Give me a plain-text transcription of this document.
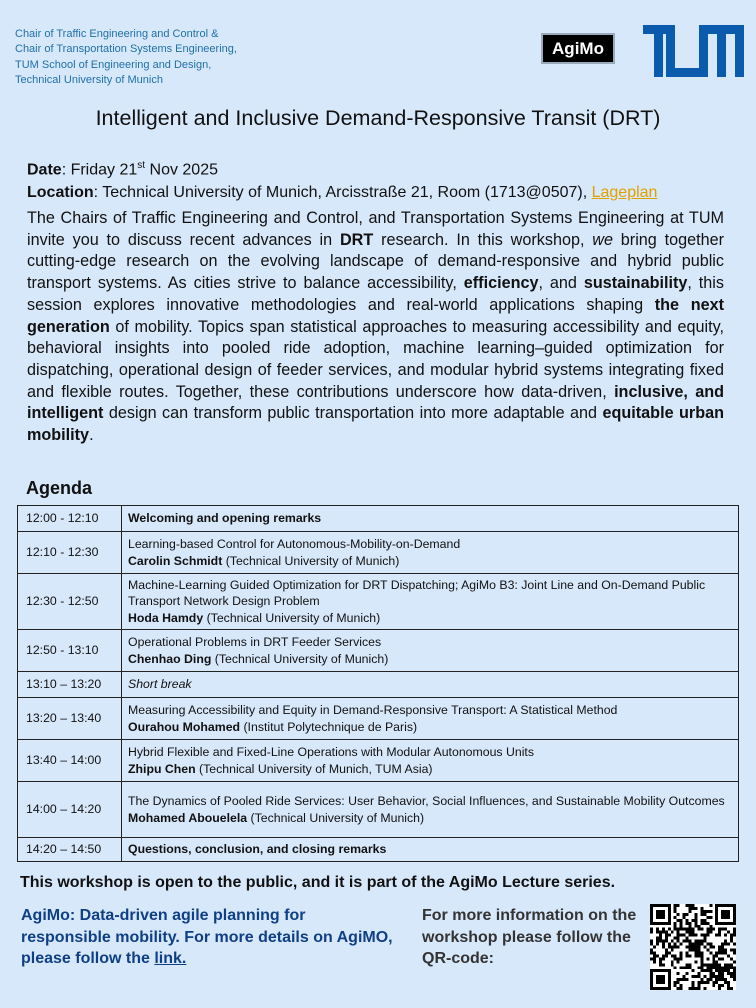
Chair of Traffic Engineering and Control &
Chair of Transportation Systems Engineering,
TUM School of Engineering and Design,
Technical University of Munich
AgiMo
Intelligent and Inclusive Demand-Responsive Transit (DRT)
Date: Friday 21st Nov 2025
Location: Technical University of Munich, Arcisstraße 21, Room (1713@0507), Lageplan
The Chairs of Traffic Engineering and Control, and Transportation Systems Engineering at TUM invite you to discuss recent advances in DRT research. In this workshop, we bring together cutting-edge research on the evolving landscape of demand-responsive and hybrid public transport systems. As cities strive to balance accessibility, efficiency, and sustainability, this session explores innovative methodologies and real-world applications shaping the next generation of mobility. Topics span statistical approaches to measuring accessibility and equity, behavioral insights into pooled ride adoption, machine learning–guided optimization for dispatching, operational design of feeder services, and modular hybrid systems integrating fixed and flexible routes. Together, these contributions underscore how data-driven, inclusive, and intelligent design can transform public transportation into more adaptable and equitable urban mobility.
Agenda
12:00 - 12:10	Welcoming and opening remarks
12:10 - 12:30	Learning-based Control for Autonomous-Mobility-on-Demand
Carolin Schmidt (Technical University of Munich)

12:30 - 12:50	Machine-Learning Guided Optimization for DRT Dispatching; AgiMo B3: Joint Line and On-Demand Public Transport Network Design Problem
Hoda Hamdy (Technical University of Munich)

12:50 - 13:10	Operational Problems in DRT Feeder Services
Chenhao Ding (Technical University of Munich)

13:10 – 13:20	Short break
13:20 – 13:40	Measuring Accessibility and Equity in Demand-Responsive Transport: A Statistical Method
Ourahou Mohamed (Institut Polytechnique de Paris)

13:40 – 14:00	Hybrid Flexible and Fixed-Line Operations with Modular Autonomous Units
Zhipu Chen (Technical University of Munich, TUM Asia)

14:00 – 14:20	The Dynamics of Pooled Ride Services: User Behavior, Social Influences, and Sustainable Mobility Outcomes
Mohamed Abouelela (Technical University of Munich)

14:20 – 14:50	Questions, conclusion, and closing remarks
This workshop is open to the public, and it is part of the AgiMo Lecture series.
AgiMo: Data-driven agile planning for responsible mobility. For more details on AgiMO, please follow the link.
For more information on the workshop please follow the QR-code:
